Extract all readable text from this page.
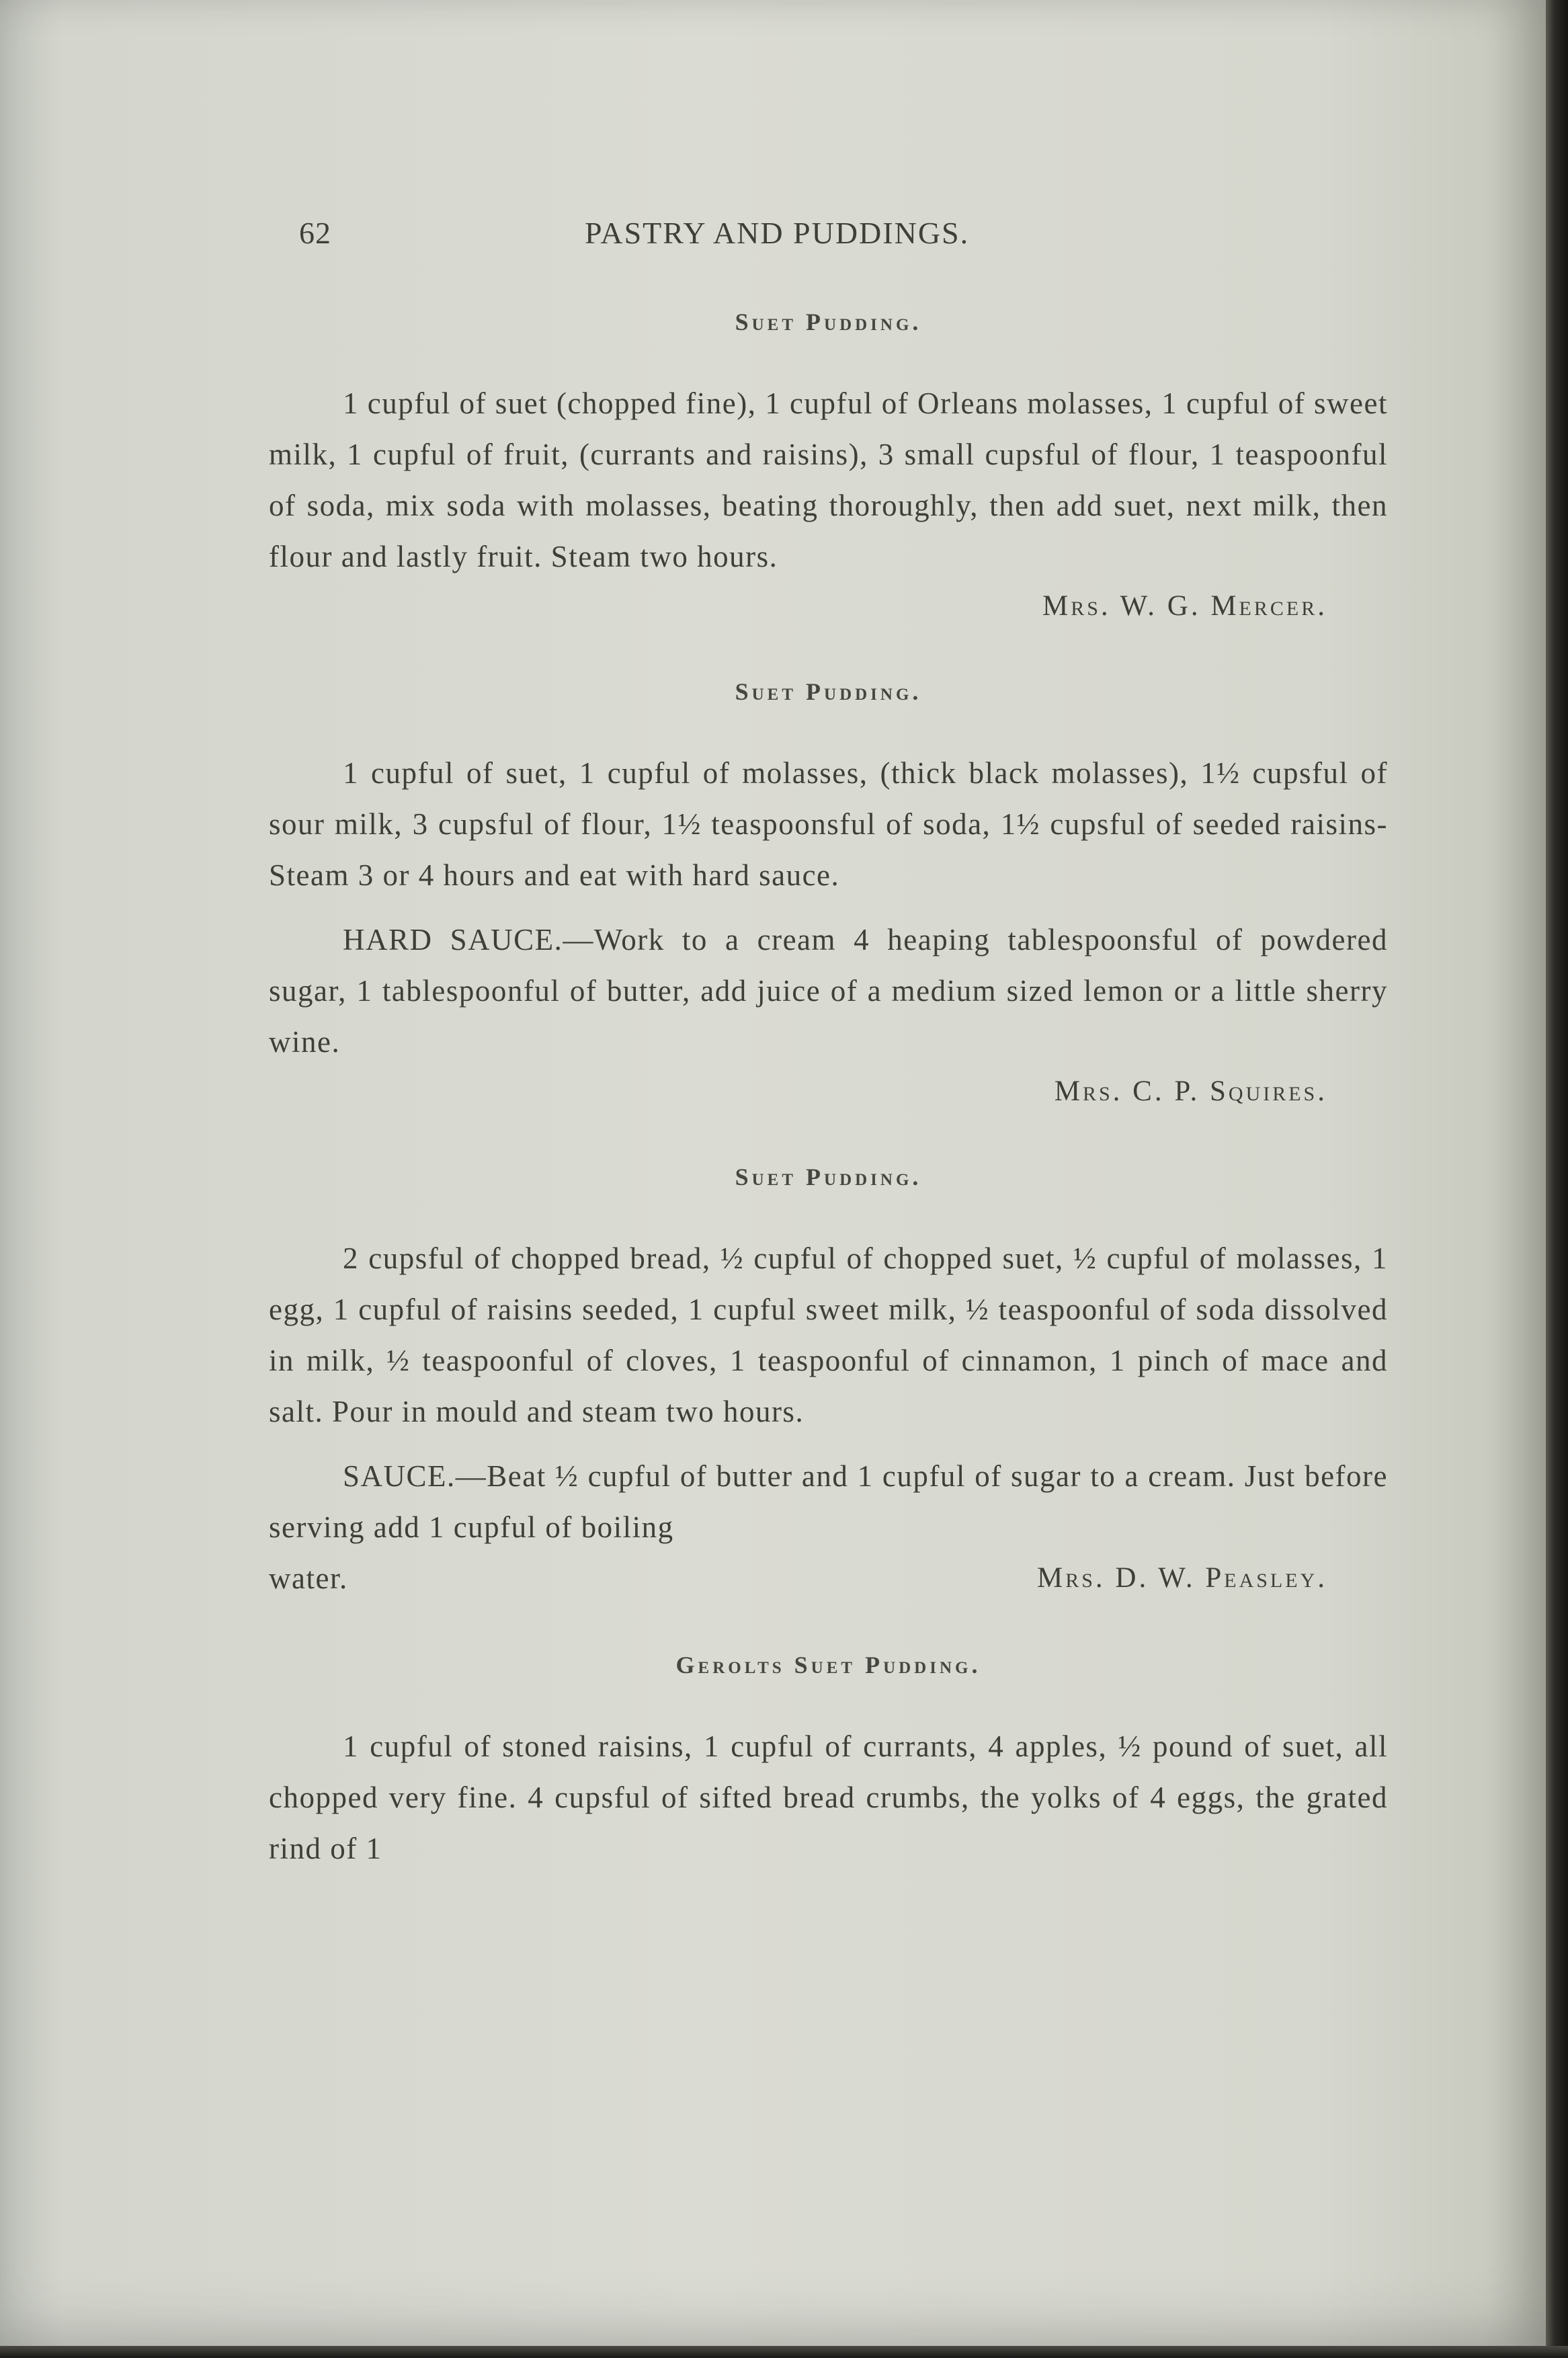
62	PASTRY AND PUDDINGS.
Suet Pudding.

1 cupful of suet (chopped fine), 1 cupful of Orleans molasses, 1 cupful of sweet milk, 1 cupful of fruit, (currants and raisins), 3 small cupsful of flour, 1 teaspoonful of soda, mix soda with molasses, beating thoroughly, then add suet, next milk, then flour and lastly fruit. Steam two hours.

Mrs. W. G. Mercer.

Suet Pudding.

1 cupful of suet, 1 cupful of molasses, (thick black molasses), 1½ cupsful of sour milk, 3 cupsful of flour, 1½ teaspoonsful of soda, 1½ cupsful of seeded raisins- Steam 3 or 4 hours and eat with hard sauce.

HARD SAUCE.—Work to a cream 4 heaping tablespoonsful of powdered sugar, 1 tablespoonful of butter, add juice of a medium sized lemon or a little sherry wine.

Mrs. C. P. Squires.

Suet Pudding.

2 cupsful of chopped bread, ½ cupful of chopped suet, ½ cupful of molasses, 1 egg, 1 cupful of raisins seeded, 1 cupful sweet milk, ½ teaspoonful of soda dissolved in milk, ½ teaspoonful of cloves, 1 teaspoonful of cinnamon, 1 pinch of mace and salt. Pour in mould and steam two hours.

SAUCE.—Beat ½ cupful of butter and 1 cupful of sugar to a cream. Just before serving add 1 cupful of boiling

water.	Mrs. D. W. Peasley.
Gerolts Suet Pudding.

1 cupful of stoned raisins, 1 cupful of currants, 4 apples, ½ pound of suet, all chopped very fine. 4 cupsful of sifted bread crumbs, the yolks of 4 eggs, the grated rind of 1
